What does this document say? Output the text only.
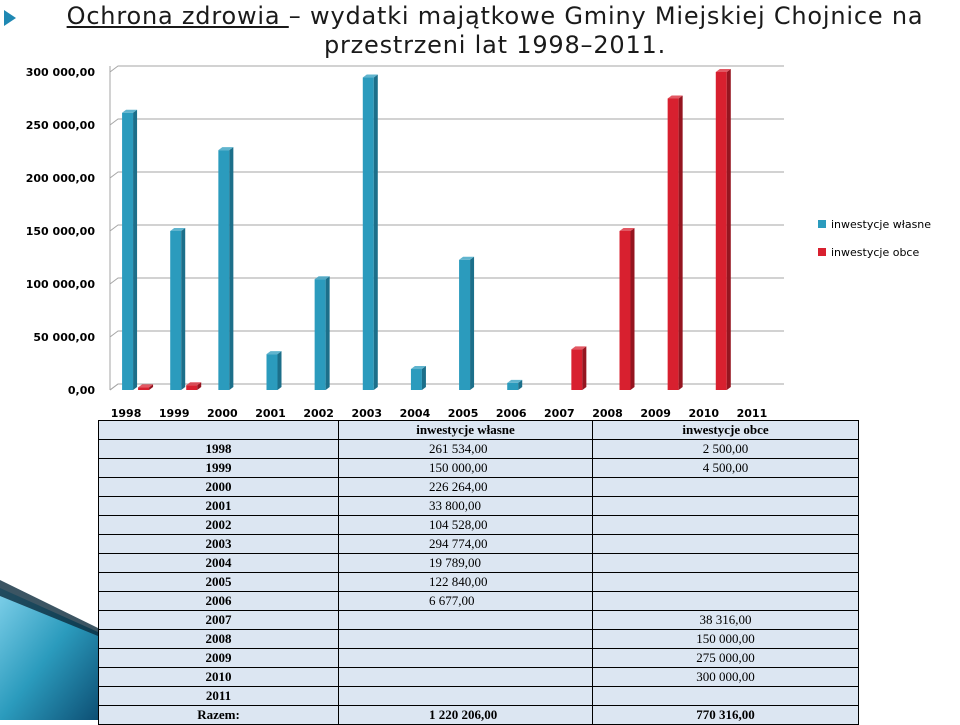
Ochrona zdrowia – wydatki majątkowe Gminy Miejskiej Chojnice na przestrzeni lat 1998–2011.
0,00
50 000,00
100 000,00
150 000,00
200 000,00
250 000,00
300 000,00
1998 1999 2000 2001 2002 2003 2004 2005 2006 2007 2008 2009 2010 2011
inwestycje własne
inwestycje obce
	inwestycje własne	inwestycje obce
1998	261 534,00	2 500,00
1999	150 000,00	4 500,00
2000	226 264,00	
2001	33 800,00	
2002	104 528,00	
2003	294 774,00	
2004	19 789,00	
2005	122 840,00	
2006	6 677,00	
2007		38 316,00
2008		150 000,00
2009		275 000,00
2010		300 000,00
2011		
Razem:	1 220 206,00	770 316,00
